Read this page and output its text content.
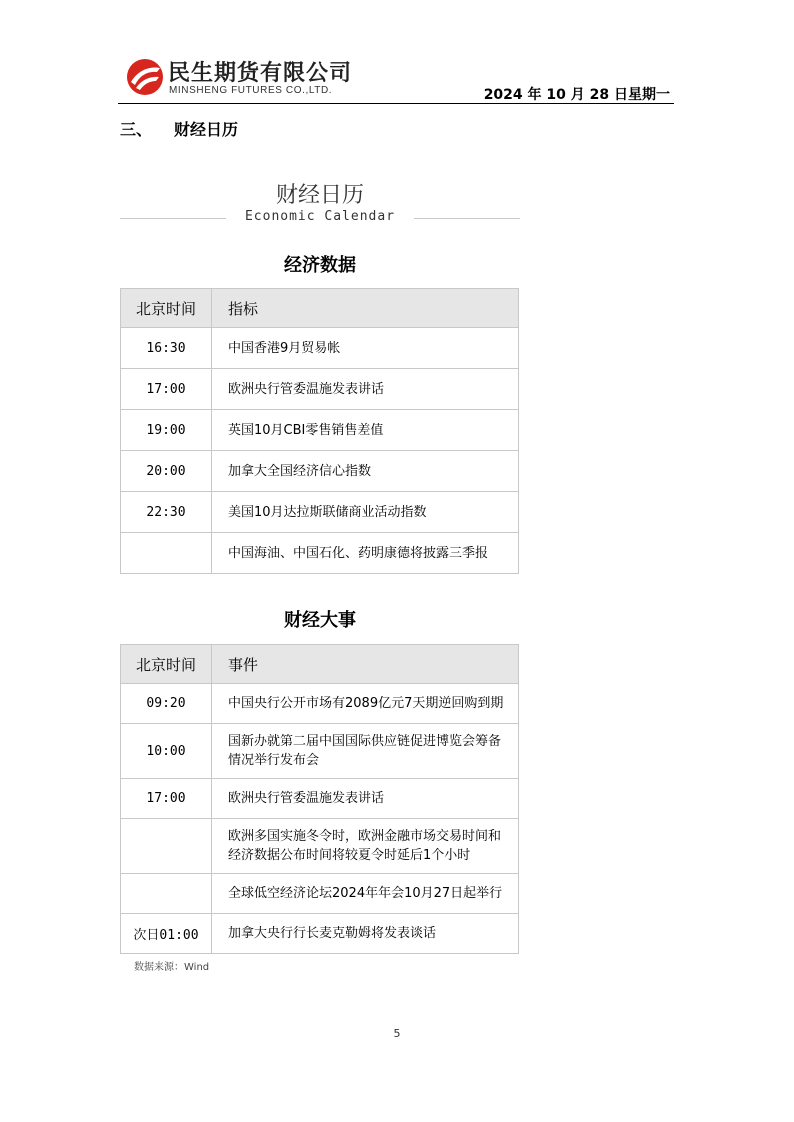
民生期货有限公司
MINSHENG FUTURES CO.,LTD.	2024 年 10 月 28 日星期一
三、 财经日历
财经日历
Economic Calendar
经济数据
北京时间	指标
16:30	中国香港9月贸易帐
17:00	欧洲央行管委温施发表讲话
19:00	英国10月CBI零售销售差值
20:00	加拿大全国经济信心指数
22:30	美国10月达拉斯联储商业活动指数
	中国海油、中国石化、药明康德将披露三季报
财经大事
北京时间	事件
09:20	中国央行公开市场有2089亿元7天期逆回购到期
10:00	国新办就第二届中国国际供应链促进博览会筹备情况举行发布会
17:00	欧洲央行管委温施发表讲话
	欧洲多国实施冬令时，欧洲金融市场交易时间和经济数据公布时间将较夏令时延后1个小时
	全球低空经济论坛2024年年会10月27日起举行
次日01:00	加拿大央行行长麦克勒姆将发表谈话
数据来源：Wind
5
